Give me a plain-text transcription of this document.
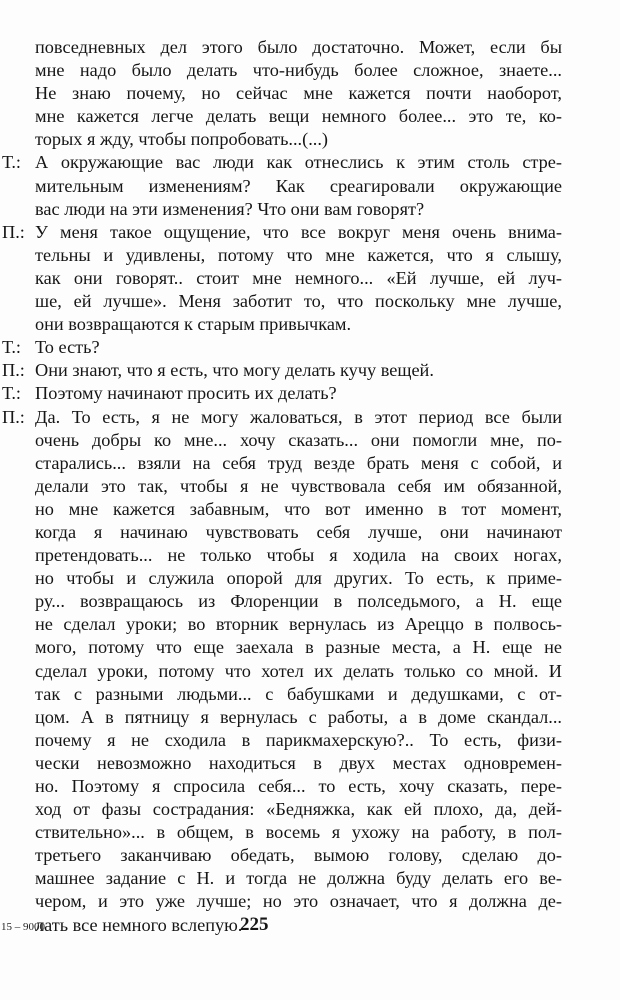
повседневных дел этого было достаточно. Может, если бы
мне надо было делать что-нибудь более сложное, знаете...
Не знаю почему, но сейчас мне кажется почти наоборот,
мне кажется легче делать вещи немного более... это те, ко-
торых я жду, чтобы попробовать...(...)
Т.: А окружающие вас люди как отнеслись к этим столь стре-
мительным изменениям? Как среагировали окружающие
вас люди на эти изменения? Что они вам говорят?
П.: У меня такое ощущение, что все вокруг меня очень внима-
тельны и удивлены, потому что мне кажется, что я слышу,
как они говорят.. стоит мне немного... «Ей лучше, ей луч-
ше, ей лучше». Меня заботит то, что поскольку мне лучше,
они возвращаются к старым привычкам.
Т.: То есть?
П.: Они знают, что я есть, что могу делать кучу вещей.
Т.: Поэтому начинают просить их делать?
П.: Да. То есть, я не могу жаловаться, в этот период все были
очень добры ко мне... хочу сказать... они помогли мне, по-
старались... взяли на себя труд везде брать меня с собой, и
делали это так, чтобы я не чувствовала себя им обязанной,
но мне кажется забавным, что вот именно в тот момент,
когда я начинаю чувствовать себя лучше, они начинают
претендовать... не только чтобы я ходила на своих ногах,
но чтобы и служила опорой для других. То есть, к приме-
ру... возвращаюсь из Флоренции в полседьмого, а Н. еще
не сделал уроки; во вторник вернулась из Ареццо в полвось-
мого, потому что еще заехала в разные места, а Н. еще не
сделал уроки, потому что хотел их делать только со мной. И
так с разными людьми... с бабушками и дедушками, с от-
цом. А в пятницу я вернулась с работы, а в доме скандал...
почему я не сходила в парикмахерскую?.. То есть, физи-
чески невозможно находиться в двух местах одновремен-
но. Поэтому я спросила себя... то есть, хочу сказать, пере-
ход от фазы сострадания: «Бедняжка, как ей плохо, да, дей-
ствительно»... в общем, в восемь я ухожу на работу, в пол-
третьего заканчиваю обедать, вымою голову, сделаю до-
машнее задание с Н. и тогда не должна буду делать его ве-
чером, и это уже лучше; но это означает, что я должна де-
лать все немного вслепую.
15 – 9000	225
